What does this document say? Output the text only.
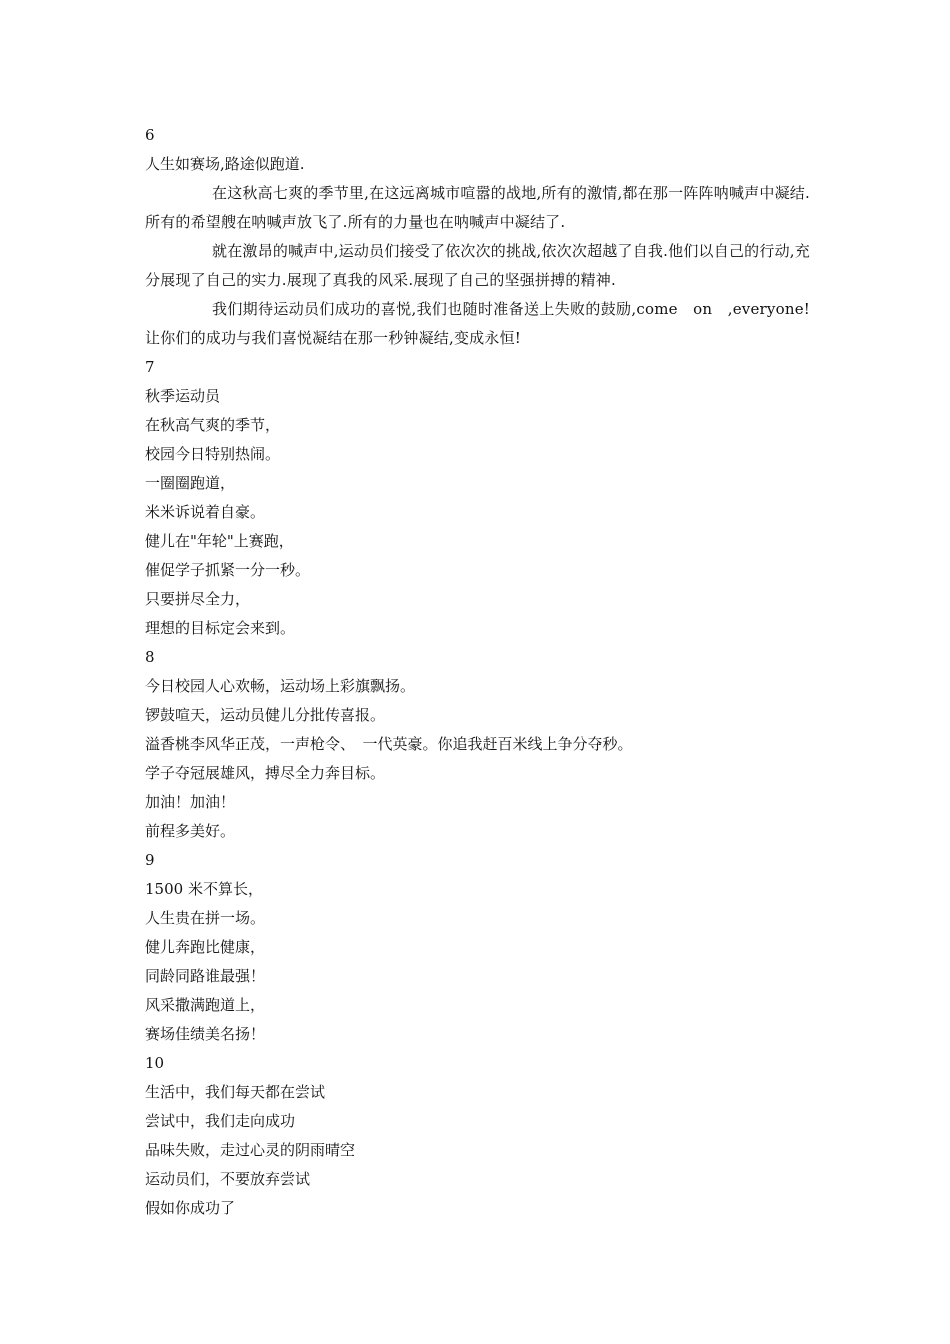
6
人生如赛场,路途似跑道.
在这秋高七爽的季节里,在这远离城市喧嚣的战地,所有的激情,都在那一阵阵呐喊声中凝结.所有的希望艘在呐喊声放飞了.所有的力量也在呐喊声中凝结了.
就在激昂的喊声中,运动员们接受了依次次的挑战,依次次超越了自我.他们以自己的行动,充分展现了自己的实力.展现了真我的风采.展现了自己的坚强拼搏的精神.
我们期待运动员们成功的喜悦,我们也随时准备送上失败的鼓励,come　on　,everyone!让你们的成功与我们喜悦凝结在那一秒钟凝结,变成永恒!
7
秋季运动员
在秋高气爽的季节，
校园今日特别热闹。
一圈圈跑道，
米米诉说着自豪。
健儿在"年轮"上赛跑，
催促学子抓紧一分一秒。
只要拼尽全力，
理想的目标定会来到。
8
今日校园人心欢畅，运动场上彩旗飘扬。
锣鼓喧天，运动员健儿分批传喜报。
溢香桃李风华正茂，一声枪令、　一代英豪。你追我赶百米线上争分夺秒。
学子夺冠展雄风，搏尽全力奔目标。
加油！加油！
前程多美好。
9
1500 米不算长，
人生贵在拼一场。
健儿奔跑比健康，
同龄同路谁最强！
风采撒满跑道上，
赛场佳绩美名扬！
10
生活中，我们每天都在尝试
尝试中，我们走向成功
品味失败，走过心灵的阴雨晴空
运动员们，不要放弃尝试
假如你成功了
